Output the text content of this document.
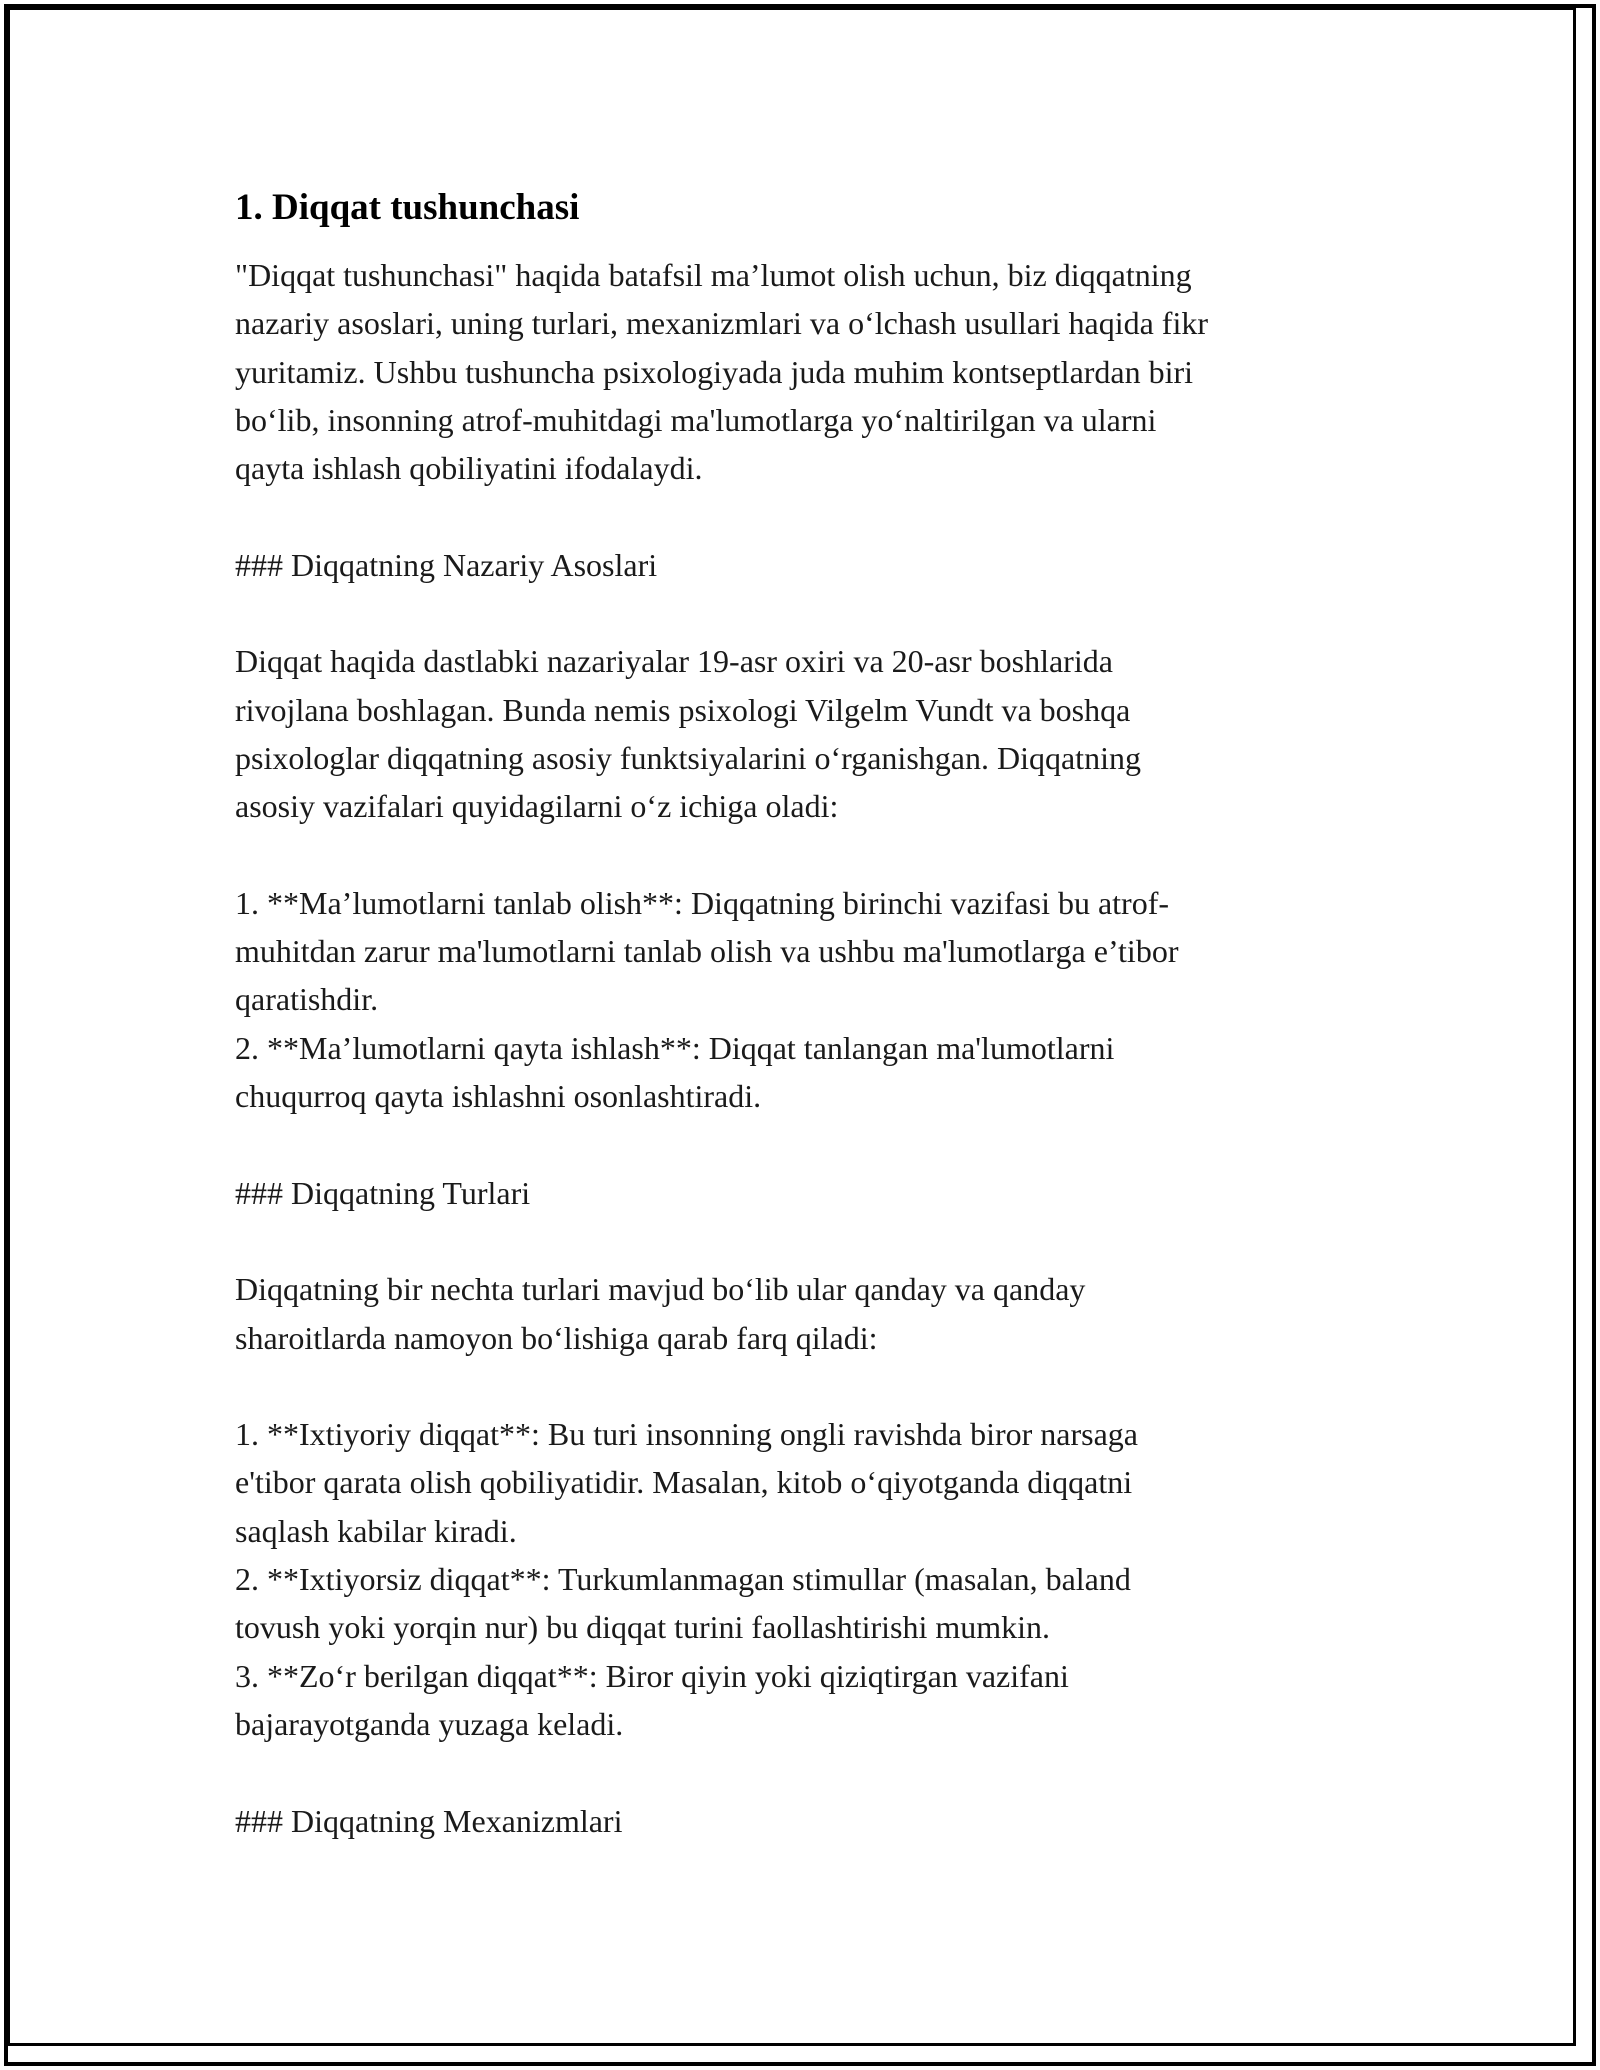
1. Diqqat tushunchasi
"Diqqat tushunchasi" haqida batafsil ma’lumot olish uchun, biz diqqatning
nazariy asoslari, uning turlari, mexanizmlari va o‘lchash usullari haqida fikr
yuritamiz. Ushbu tushuncha psixologiyada juda muhim kontseptlardan biri
bo‘lib, insonning atrof-muhitdagi ma'lumotlarga yo‘naltirilgan va ularni
qayta ishlash qobiliyatini ifodalaydi.
### Diqqatning Nazariy Asoslari
Diqqat haqida dastlabki nazariyalar 19-asr oxiri va 20-asr boshlarida
rivojlana boshlagan. Bunda nemis psixologi Vilgelm Vundt va boshqa
psixologlar diqqatning asosiy funktsiyalarini o‘rganishgan. Diqqatning
asosiy vazifalari quyidagilarni o‘z ichiga oladi:
1. **Ma’lumotlarni tanlab olish**: Diqqatning birinchi vazifasi bu atrof-
muhitdan zarur ma'lumotlarni tanlab olish va ushbu ma'lumotlarga e’tibor
qaratishdir.
2. **Ma’lumotlarni qayta ishlash**: Diqqat tanlangan ma'lumotlarni
chuqurroq qayta ishlashni osonlashtiradi.
### Diqqatning Turlari
Diqqatning bir nechta turlari mavjud bo‘lib ular qanday va qanday
sharoitlarda namoyon bo‘lishiga qarab farq qiladi:
1. **Ixtiyoriy diqqat**: Bu turi insonning ongli ravishda biror narsaga
e'tibor qarata olish qobiliyatidir. Masalan, kitob o‘qiyotganda diqqatni
saqlash kabilar kiradi.
2. **Ixtiyorsiz diqqat**: Turkumlanmagan stimullar (masalan, baland
tovush yoki yorqin nur) bu diqqat turini faollashtirishi mumkin.
3. **Zo‘r berilgan diqqat**: Biror qiyin yoki qiziqtirgan vazifani
bajarayotganda yuzaga keladi.
### Diqqatning Mexanizmlari
